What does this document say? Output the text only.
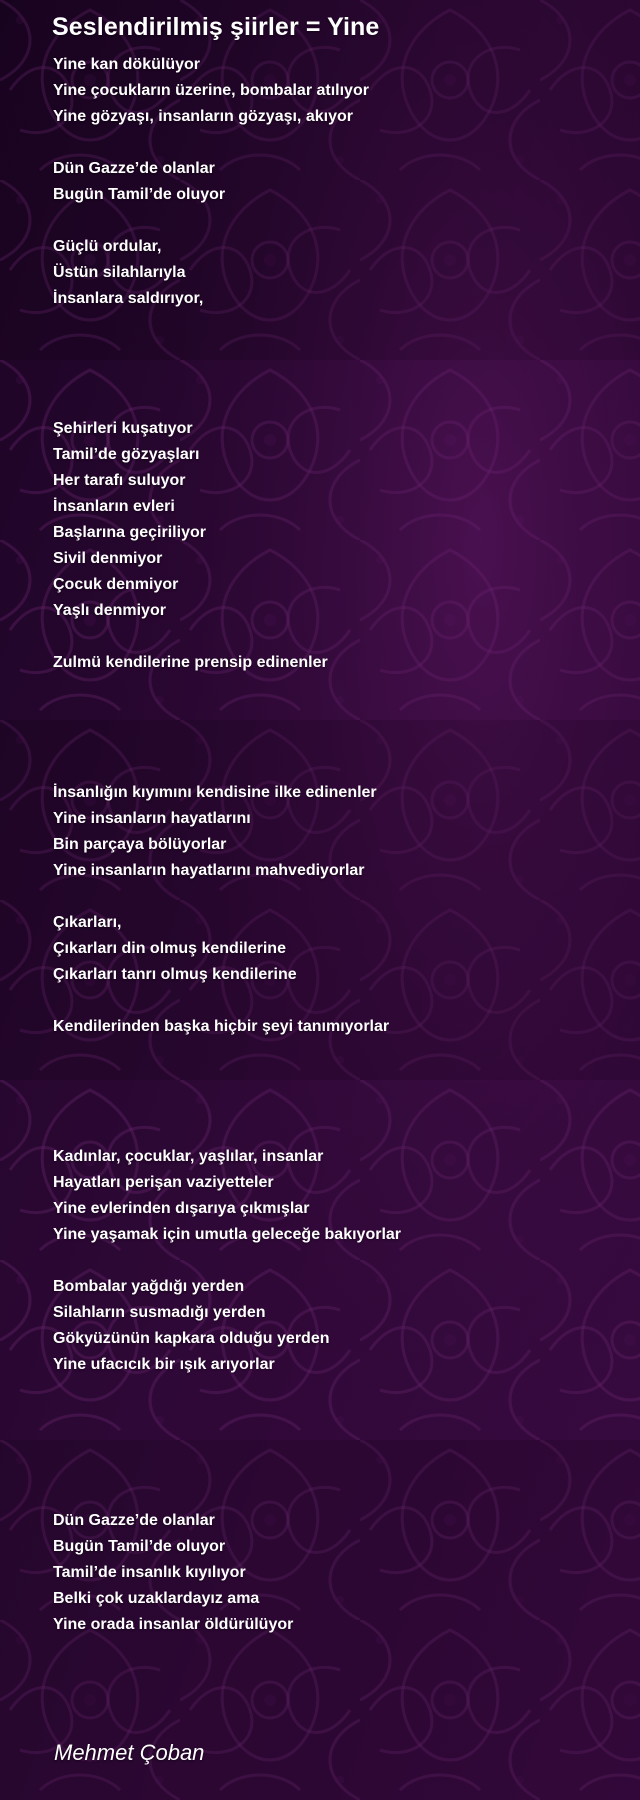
Seslendirilmiş şiirler = Yine
Yine kan dökülüyor
Yine çocukların üzerine, bombalar atılıyor
Yine gözyaşı, insanların gözyaşı, akıyor
Dün Gazze’de olanlar
Bugün Tamil’de oluyor
Güçlü ordular,
Üstün silahlarıyla
İnsanlara saldırıyor,
Şehirleri kuşatıyor
Tamil’de gözyaşları
Her tarafı suluyor
İnsanların evleri
Başlarına geçiriliyor
Sivil denmiyor
Çocuk denmiyor
Yaşlı denmiyor
Zulmü kendilerine prensip edinenler
İnsanlığın kıyımını kendisine ilke edinenler
Yine insanların hayatlarını
Bin parçaya bölüyorlar
Yine insanların hayatlarını mahvediyorlar
Çıkarları,
Çıkarları din olmuş kendilerine
Çıkarları tanrı olmuş kendilerine
Kendilerinden başka hiçbir şeyi tanımıyorlar
Kadınlar, çocuklar, yaşlılar, insanlar
Hayatları perişan vaziyetteler
Yine evlerinden dışarıya çıkmışlar
Yine yaşamak için umutla geleceğe bakıyorlar
Bombalar yağdığı yerden
Silahların susmadığı yerden
Gökyüzünün kapkara olduğu yerden
Yine ufacıcık bir ışık arıyorlar
Dün Gazze’de olanlar
Bugün Tamil’de oluyor
Tamil’de insanlık kıyılıyor
Belki çok uzaklardayız ama
Yine orada insanlar öldürülüyor

Mehmet Çoban
